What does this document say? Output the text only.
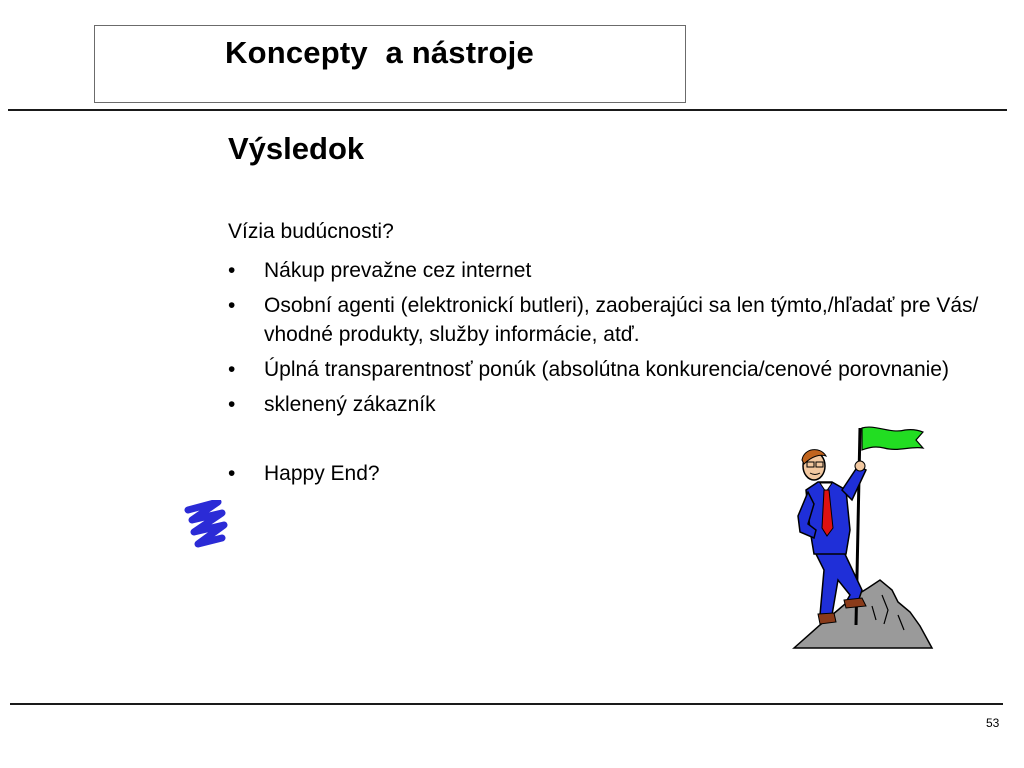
Koncepty  a nástroje
Výsledok
Vízia budúcnosti?
• Nákup prevažne cez internet
• Osobní agenti (elektronickí butleri), zaoberajúci sa len týmto,/hľadať pre Vás/ vhodné produkty, služby informácie, atď.
• Úplná transparentnosť ponúk (absolútna konkurencia/cenové porovnanie)
• sklenený zákazník
• Happy End?
53
